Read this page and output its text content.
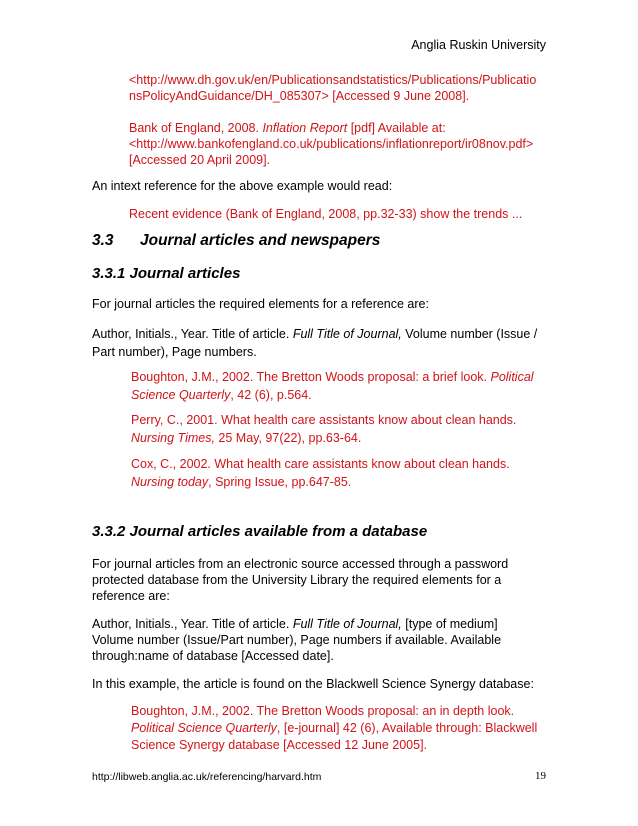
Anglia Ruskin University
<http://www.dh.gov.uk/en/Publicationsandstatistics/Publications/Publicatio
nsPolicyAndGuidance/DH_085307> [Accessed 9 June 2008].
Bank of England, 2008. Inflation Report [pdf] Available at:
<http://www.bankofengland.co.uk/publications/inflationreport/ir08nov.pdf>
[Accessed 20 April 2009].
An intext reference for the above example would read:
Recent evidence (Bank of England, 2008, pp.32-33) show the trends ...
3.3 Journal articles and newspapers
3.3.1 Journal articles
For journal articles the required elements for a reference are:
Author, Initials., Year. Title of article. Full Title of Journal, Volume number (Issue /
Part number), Page numbers.
Boughton, J.M., 2002. The Bretton Woods proposal: a brief look. Political
Science Quarterly, 42 (6), p.564.
Perry, C., 2001. What health care assistants know about clean hands.
Nursing Times, 25 May, 97(22), pp.63-64.
Cox, C., 2002. What health care assistants know about clean hands.
Nursing today, Spring Issue, pp.647-85.
3.3.2 Journal articles available from a database
For journal articles from an electronic source accessed through a password
protected database from the University Library the required elements for a
reference are:
Author, Initials., Year. Title of article. Full Title of Journal, [type of medium]
Volume number (Issue/Part number), Page numbers if available. Available
through:name of database [Accessed date].
In this example, the article is found on the Blackwell Science Synergy database:
Boughton, J.M., 2002. The Bretton Woods proposal: an in depth look.
Political Science Quarterly, [e-journal] 42 (6), Available through: Blackwell
Science Synergy database [Accessed 12 June 2005].
http://libweb.anglia.ac.uk/referencing/harvard.htm	19
